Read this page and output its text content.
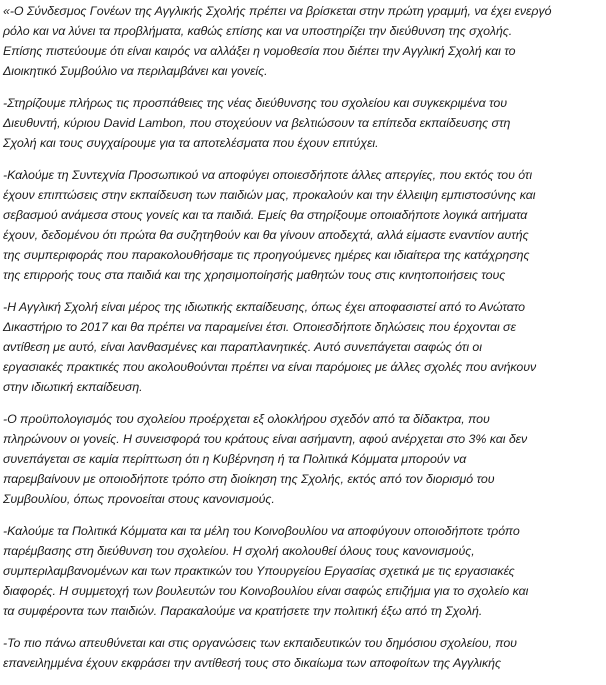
«-Ο Σύνδεσμος Γονέων της Αγγλικής Σχολής πρέπει να βρίσκεται στην πρώτη γραμμή, να έχει ενεργό
ρόλο και να λύνει τα προβλήματα, καθώς επίσης και να υποστηρίζει την διεύθυνση της σχολής.
Επίσης πιστεύουμε ότι είναι καιρός να αλλάξει η νομοθεσία που διέπει την Αγγλική Σχολή και το
Διοικητικό Συμβούλιο να περιλαμβάνει και γονείς.

-Στηρίζουμε πλήρως τις προσπάθειες της νέας διεύθυνσης του σχολείου και συγκεκριμένα του
Διευθυντή, κύριου David Lambon, που στοχεύουν να βελτιώσουν τα επίπεδα εκπαίδευσης στη
Σχολή και τους συγχαίρουμε για τα αποτελέσματα που έχουν επιτύχει.

-Καλούμε τη Συντεχνία Προσωπικού να αποφύγει οποιεσδήποτε άλλες απεργίες, που εκτός του ότι
έχουν επιπτώσεις στην εκπαίδευση των παιδιών μας, προκαλούν και την έλλειψη εμπιστοσύνης και
σεβασμού ανάμεσα στους γονείς και τα παιδιά. Εμείς θα στηρίξουμε οποιαδήποτε λογικά αιτήματα
έχουν, δεδομένου ότι πρώτα θα συζητηθούν και θα γίνουν αποδεχτά, αλλά είμαστε εναντίον αυτής
της συμπεριφοράς που παρακολουθήσαμε τις προηγούμενες ημέρες και ιδιαίτερα της κατάχρησης
της επιρροής τους στα παιδιά και της χρησιμοποίησής μαθητών τους στις κινητοποιήσεις τους

-Η Αγγλική Σχολή είναι μέρος της ιδιωτικής εκπαίδευσης, όπως έχει αποφασιστεί από το Ανώτατο
Δικαστήριο το 2017 και θα πρέπει να παραμείνει έτσι. Οποιεσδήποτε δηλώσεις που έρχονται σε
αντίθεση με αυτό, είναι λανθασμένες και παραπλανητικές. Αυτό συνεπάγεται σαφώς ότι οι
εργασιακές πρακτικές που ακολουθούνται πρέπει να είναι παρόμοιες με άλλες σχολές που ανήκουν
στην ιδιωτική εκπαίδευση.

-Ο προϋπολογισμός του σχολείου προέρχεται εξ ολοκλήρου σχεδόν από τα δίδακτρα, που
πληρώνουν οι γονείς. Η συνεισφορά του κράτους είναι ασήμαντη, αφού ανέρχεται στο 3% και δεν
συνεπάγεται σε καμία περίπτωση ότι η Κυβέρνηση ή τα Πολιτικά Κόμματα μπορούν να
παρεμβαίνουν με οποιοδήποτε τρόπο στη διοίκηση της Σχολής, εκτός από τον διορισμό του
Συμβουλίου, όπως προνοείται στους κανονισμούς.

-Καλούμε τα Πολιτικά Κόμματα και τα μέλη του Κοινοβουλίου να αποφύγουν οποιοδήποτε τρόπο
παρέμβασης στη διεύθυνση του σχολείου. Η σχολή ακολουθεί όλους τους κανονισμούς,
συμπεριλαμβανομένων και των πρακτικών του Υπουργείου Εργασίας σχετικά με τις εργασιακές
διαφορές. Η συμμετοχή των βουλευτών του Κοινοβουλίου είναι σαφώς επιζήμια για το σχολείο και
τα συμφέροντα των παιδιών. Παρακαλούμε να κρατήσετε την πολιτική έξω από τη Σχολή.

-Το πιο πάνω απευθύνεται και στις οργανώσεις των εκπαιδευτικών του δημόσιου σχολείου, που
επανειλημμένα έχουν εκφράσει την αντίθεσή τους στο δικαίωμα των αποφοίτων της Αγγλικής
